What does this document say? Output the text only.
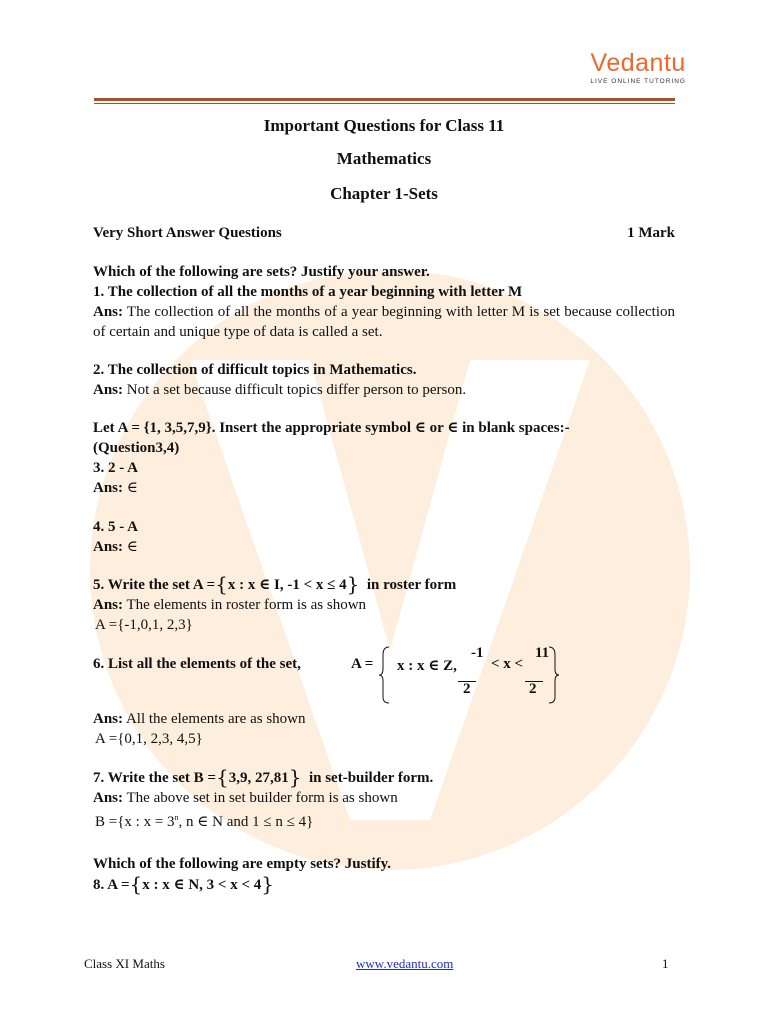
Vedantu
LIVE ONLINE TUTORING
Important Questions for Class 11
Mathematics
Chapter 1-Sets
Very Short Answer Questions	1 Mark
Which of the following are sets? Justify your answer.
1. The collection of all the months of a year beginning with letter M
Ans: The collection of all the months of a year beginning with letter M is set because collection of certain and unique type of data is called a set.
2. The collection of difficult topics in Mathematics.
Ans: Not a set because difficult topics differ person to person.
Let A = {1, 3,5,7,9}. Insert the appropriate symbol ∈ or ∈ in blank spaces:-
(Question3,4)
3. 2 - A
Ans: ∈
4. 5 - A
Ans: ∈
5. Write the set A ={x : x ∈ I, -1 < x ≤ 4} in roster form
Ans: The elements in roster form is as shown
A ={-1,0,1, 2,3}
6. List all the elements of the set,	A = x : x ∈ Z,
-1
< x <
11
2	2
Ans: All the elements are as shown
A ={0,1, 2,3, 4,5}
7. Write the set B ={3,9, 27,81} in set-builder form.
Ans: The above set in set builder form is as shown
B ={x : $x = 3^n$, n ∈ N and 1 ≤ n ≤ 4}
Which of the following are empty sets? Justify.
8. A ={x : x ∈ N, 3 < x < 4}
Class XI Maths	www.vedantu.com	1
